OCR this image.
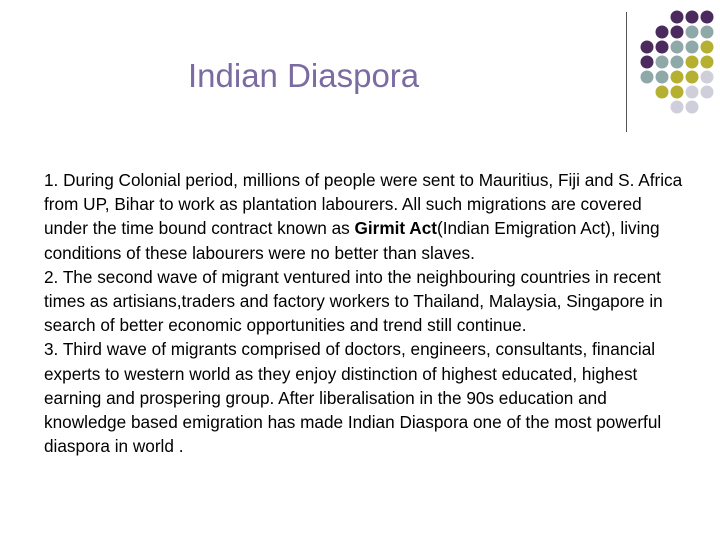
Indian Diaspora

1. During Colonial period, millions of people were sent to Mauritius, Fiji and S. Africa from UP, Bihar to work as plantation labourers. All such migrations are covered under the time bound contract known as Girmit Act(Indian Emigration Act), living conditions of these labourers were no better than slaves.

2. The second wave of migrant ventured into the neighbouring countries in recent times as artisians,traders and factory workers to Thailand, Malaysia, Singapore in search of better economic opportunities and trend still continue.

3. Third wave of migrants comprised of doctors, engineers, consultants, financial experts to western world as they enjoy distinction of highest educated, highest earning and prospering group. After liberalisation in the 90s education and knowledge based emigration has made Indian Diaspora one of the most powerful diaspora in world .
